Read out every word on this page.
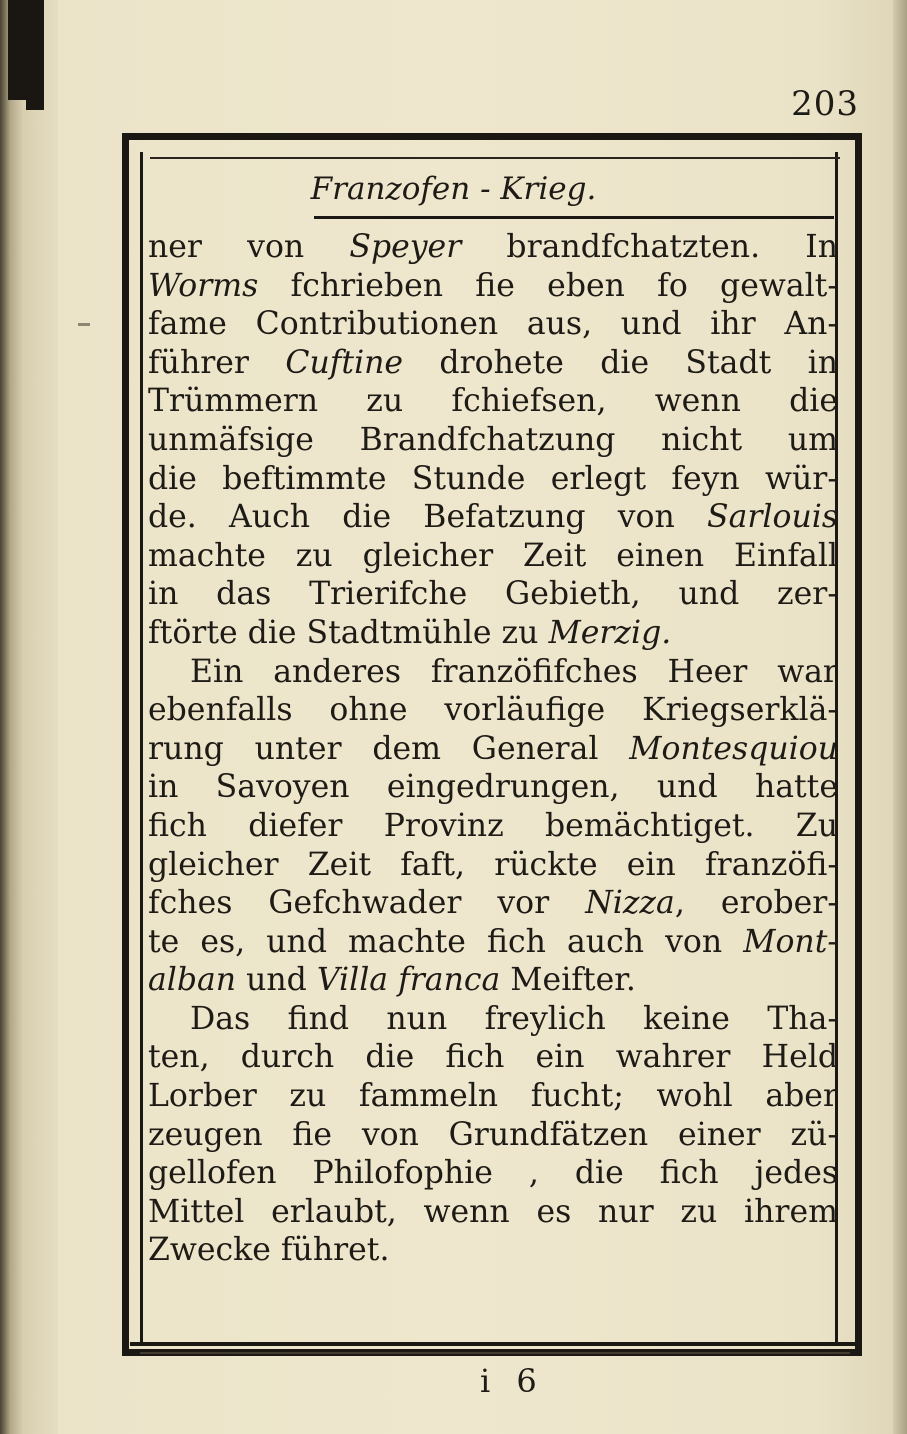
203
Franzofen - Krieg.
ner von Speyer brandfchatzten. In
Worms fchrieben fie eben fo gewalt-
fame Contributionen aus, und ihr An-
führer Cuftine drohete die Stadt in
Trümmern zu fchiefsen, wenn die
unmäfsige Brandfchatzung nicht um
die beftimmte Stunde erlegt feyn wür-
de. Auch die Befatzung von Sarlouis
machte zu gleicher Zeit einen Einfall
in das Trierifche Gebieth, und zer-
ftörte die Stadtmühle zu Merzig.
Ein anderes franzöfifches Heer war
ebenfalls ohne vorläufige Kriegserklä-
rung unter dem General Montesquiou
in Savoyen eingedrungen, und hatte
fich diefer Provinz bemächtiget. Zu
gleicher Zeit faft, rückte ein franzöfi-
fches Gefchwader vor Nizza, erober-
te es, und machte fich auch von Mont-
alban und Villa franca Meifter.
Das find nun freylich keine Tha-
ten, durch die fich ein wahrer Held
Lorber zu fammeln fucht; wohl aber
zeugen fie von Grundfätzen einer zü-
gellofen Philofophie , die fich jedes
Mittel erlaubt, wenn es nur zu ihrem
Zwecke führet.
i 6
